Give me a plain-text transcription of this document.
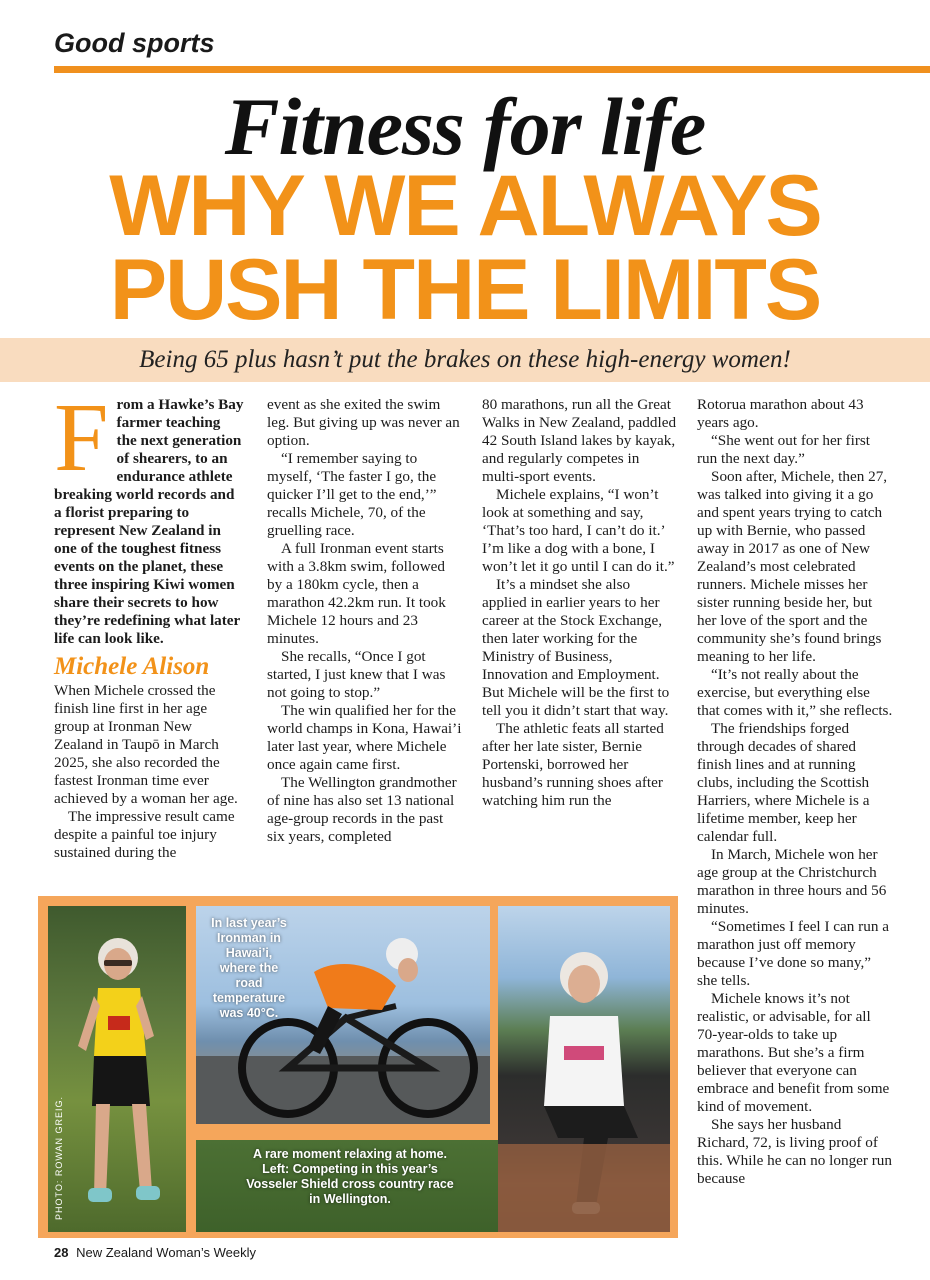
Good sports
Fitness for life
WHY WE ALWAYS
PUSH THE LIMITS
Being 65 plus hasn’t put the brakes on these high-energy women!
F rom a Hawke’s Bay farmer teaching the next generation of shearers, to an endurance athlete breaking world records and a florist preparing to represent New Zealand in one of the toughest fitness events on the planet, these three inspiring Kiwi women share their secrets to how they’re redefining what later life can look like.

Michele Alison

When Michele crossed the finish line first in her age group at Ironman New Zealand in Taupō in March 2025, she also recorded the fastest Ironman time ever achieved by a woman her age.

The impressive result came despite a painful toe injury sustained during the

event as she exited the swim leg. But giving up was never an option.

“I remember saying to myself, ‘The faster I go, the quicker I’ll get to the end,’” recalls Michele, 70, of the gruelling race.

A full Ironman event starts with a 3.8km swim, followed by a 180km cycle, then a marathon 42.2km run. It took Michele 12 hours and 23 minutes.

She recalls, “Once I got started, I just knew that I was not going to stop.”

The win qualified her for the world champs in Kona, Hawai’i later last year, where Michele once again came first.

The Wellington grandmother of nine has also set 13 national age-group records in the past six years, completed

80 marathons, run all the Great Walks in New Zealand, paddled 42 South Island lakes by kayak, and regularly competes in multi-sport events.

Michele explains, “I won’t look at something and say, ‘That’s too hard, I can’t do it.’ I’m like a dog with a bone, I won’t let it go until I can do it.”

It’s a mindset she also applied in earlier years to her career at the Stock Exchange, then later working for the Ministry of Business, Innovation and Employment. But Michele will be the first to tell you it didn’t start that way.

The athletic feats all started after her late sister, Bernie Portenski, borrowed her husband’s running shoes after watching him run the

Rotorua marathon about 43 years ago.

“She went out for her first run the next day.”

Soon after, Michele, then 27, was talked into giving it a go and spent years trying to catch up with Bernie, who passed away in 2017 as one of New Zealand’s most celebrated runners. Michele misses her sister running beside her, but her love of the sport and the community she’s found brings meaning to her life.

“It’s not really about the exercise, but everything else that comes with it,” she reflects.

The friendships forged through decades of shared finish lines and at running clubs, including the Scottish Harriers, where Michele is a lifetime member, keep her calendar full.

In March, Michele won her age group at the Christchurch marathon in three hours and 56 minutes.

“Sometimes I feel I can run a marathon just off memory because I’ve done so many,” she tells.

Michele knows it’s not realistic, or advisable, for all 70-year-olds to take up marathons. But she’s a firm believer that everyone can embrace and benefit from some kind of movement.

She says her husband Richard, 72, is living proof of this. While he can no longer run because

In last year’s Ironman in Hawai’i, where the road temperature was 40°C.
A rare moment relaxing at home. Left: Competing in this year’s Vosseler Shield cross country race in Wellington.
PHOTO: ROWAN GREIG.
28 New Zealand Woman’s Weekly
